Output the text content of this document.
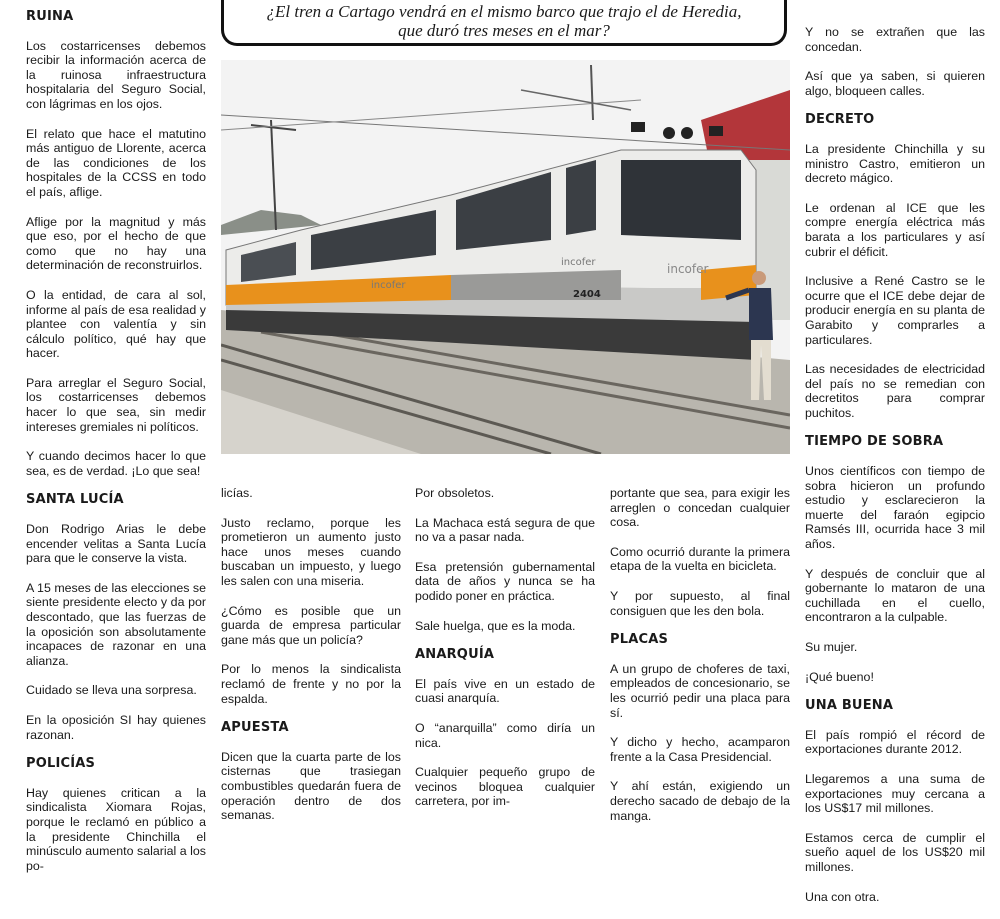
¿El tren a Cartago vendrá en el mismo barco que trajo el de Heredia,
que duró tres meses en el mar?
incofer
incofer	incofer
2404
RUINA

Los costarricenses debemos recibir la información acerca de la ruinosa infraestructura hospitalaria del Seguro Social, con lágrimas en los ojos.

El relato que hace el matutino más antiguo de Llorente, acerca de las condiciones de los hospitales de la CCSS en todo el país, aflige.

Aflige por la magnitud y más que eso, por el hecho de que como que no hay una determinación de reconstruirlos.

O la entidad, de cara al sol, informe al país de esa realidad y plantee con valentía y sin cálculo político, qué hay que hacer.

Para arreglar el Seguro Social, los costarricenses debemos hacer lo que sea, sin medir intereses gremiales ni políticos.

Y cuando decimos hacer lo que sea, es de verdad. ¡Lo que sea!

SANTA LUCÍA

Don Rodrigo Arias le debe encender velitas a Santa Lucía para que le conserve la vista.

A 15 meses de las elecciones se siente presidente electo y da por descontado, que las fuerzas de la oposición son absolutamente incapaces de razonar en una alianza.

Cuidado se lleva una sorpresa.

En la oposición SI hay quienes razonan.

POLICÍAS

Hay quienes critican a la sindicalista Xiomara Rojas, porque le reclamó en público a la presidente Chinchilla el minúsculo aumento salarial a los po-

licías.

Justo reclamo, porque les prometieron un aumento justo hace unos meses cuando buscaban un impuesto, y luego les salen con una miseria.

¿Cómo es posible que un guarda de empresa particular gane más que un policía?

Por lo menos la sindicalista reclamó de frente y no por la espalda.

APUESTA

Dicen que la cuarta parte de los cisternas que trasiegan combustibles quedarán fuera de operación dentro de dos semanas.

Por obsoletos.

La Machaca está segura de que no va a pasar nada.

Esa pretensión gubernamental data de años y nunca se ha podido poner en práctica.

Sale huelga, que es la moda.

ANARQUÍA

El país vive en un estado de cuasi anarquía.

O “anarquilla” como diría un nica.

Cualquier pequeño grupo de vecinos bloquea cualquier carretera, por im-

portante que sea, para exigir les arreglen o concedan cualquier cosa.

Como ocurrió durante la primera etapa de la vuelta en bicicleta.

Y por supuesto, al final consiguen que les den bola.

PLACAS

A un grupo de choferes de taxi, empleados de concesionario, se les ocurrió pedir una placa para sí.

Y dicho y hecho, acamparon frente a la Casa Presidencial.

Y ahí están, exigiendo un derecho sacado de debajo de la manga.

Y no se extrañen que las concedan.

Así que ya saben, si quieren algo, bloqueen calles.

DECRETO

La presidente Chinchilla y su ministro Castro, emitieron un decreto mágico.

Le ordenan al ICE que les compre energía eléctrica más barata a los particulares y así cubrir el déficit.

Inclusive a René Castro se le ocurre que el ICE debe dejar de producir energía en su planta de Garabito y comprarles a particulares.

Las necesidades de electricidad del país no se remedian con decretitos para comprar puchitos.

TIEMPO DE SOBRA

Unos científicos con tiempo de sobra hicieron un profundo estudio y esclarecieron la muerte del faraón egipcio Ramsés III, ocurrida hace 3 mil años.

Y después de concluir que al gobernante lo mataron de una cuchillada en el cuello, encontraron a la culpable.

Su mujer.

¡Qué bueno!

UNA BUENA

El país rompió el récord de exportaciones durante 2012.

Llegaremos a una suma de exportaciones muy cercana a los US$17 mil millones.

Estamos cerca de cumplir el sueño aquel de los US$20 mil millones.

Una con otra.
